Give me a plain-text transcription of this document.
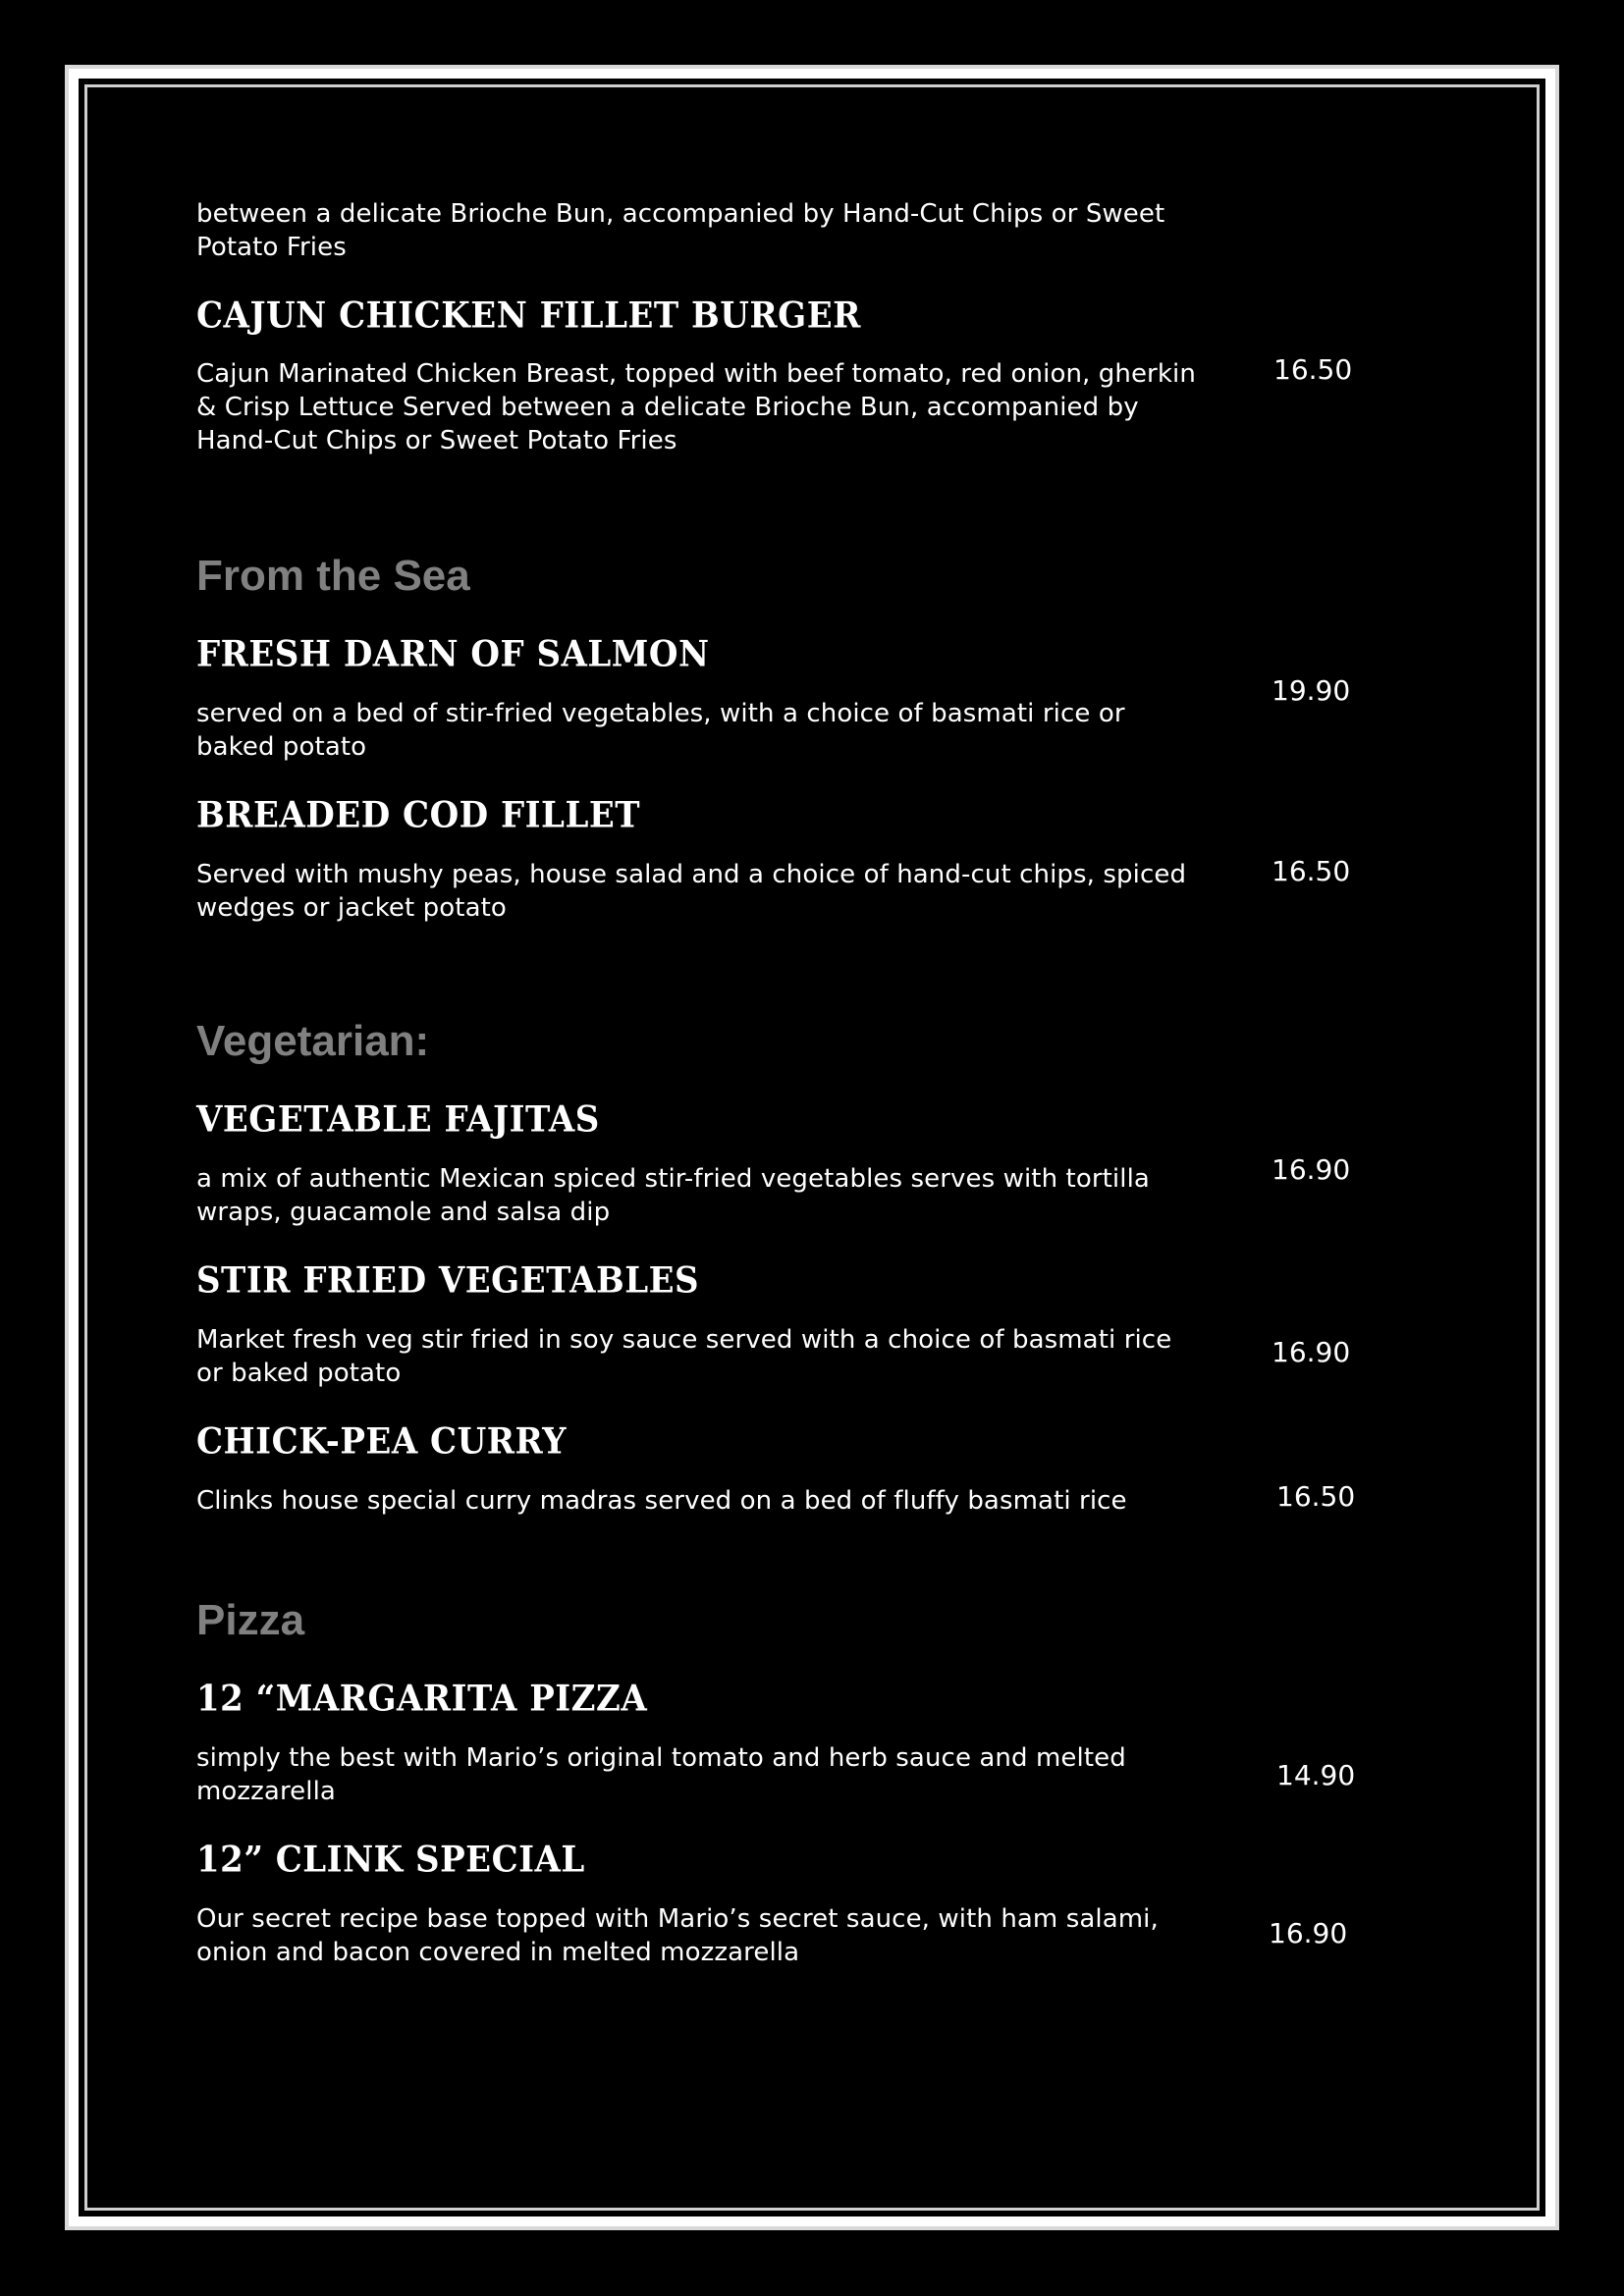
between a delicate Brioche Bun, accompanied by Hand-Cut Chips or Sweet Potato Fries
CAJUN CHICKEN FILLET BURGER
Cajun Marinated Chicken Breast, topped with beef tomato, red onion, gherkin & Crisp Lettuce Served between a delicate Brioche Bun, accompanied by Hand-Cut Chips or Sweet Potato Fries
16.50
From the Sea
FRESH DARN OF SALMON
served on a bed of stir-fried vegetables, with a choice of basmati rice or baked potato
19.90
BREADED COD FILLET
Served with mushy peas, house salad and a choice of hand-cut chips, spiced wedges or jacket potato
16.50
Vegetarian:
VEGETABLE FAJITAS
a mix of authentic Mexican spiced stir-fried vegetables serves with tortilla wraps, guacamole and salsa dip
16.90
STIR FRIED VEGETABLES
Market fresh veg stir fried in soy sauce served with a choice of basmati rice or baked potato
16.90
CHICK-PEA CURRY
Clinks house special curry madras served on a bed of fluffy basmati rice	16.50
Pizza
12 “MARGARITA PIZZA
simply the best with Mario’s original tomato and herb sauce and melted mozzarella	14.90
12” CLINK SPECIAL
Our secret recipe base topped with Mario’s secret sauce, with ham salami, onion and bacon covered in melted mozzarella
16.90
